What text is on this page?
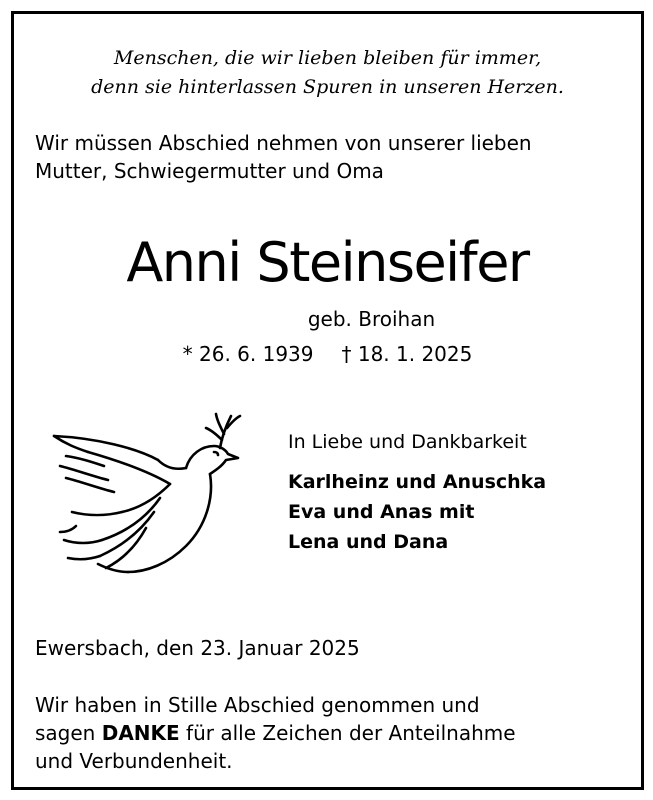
Menschen, die wir lieben bleiben für immer,
denn sie hinterlassen Spuren in unseren Herzen.
Wir müssen Abschied nehmen von unserer lieben
Mutter, Schwiegermutter und Oma
Anni Steinseifer
geb. Broihan
* 26. 6. 1939 † 18. 1. 2025
In Liebe und Dankbarkeit
Karlheinz und Anuschka
Eva und Anas mit
Lena und Dana
Ewersbach, den 23. Januar 2025
Wir haben in Stille Abschied genommen und
sagen DANKE für alle Zeichen der Anteilnahme
und Verbundenheit.
